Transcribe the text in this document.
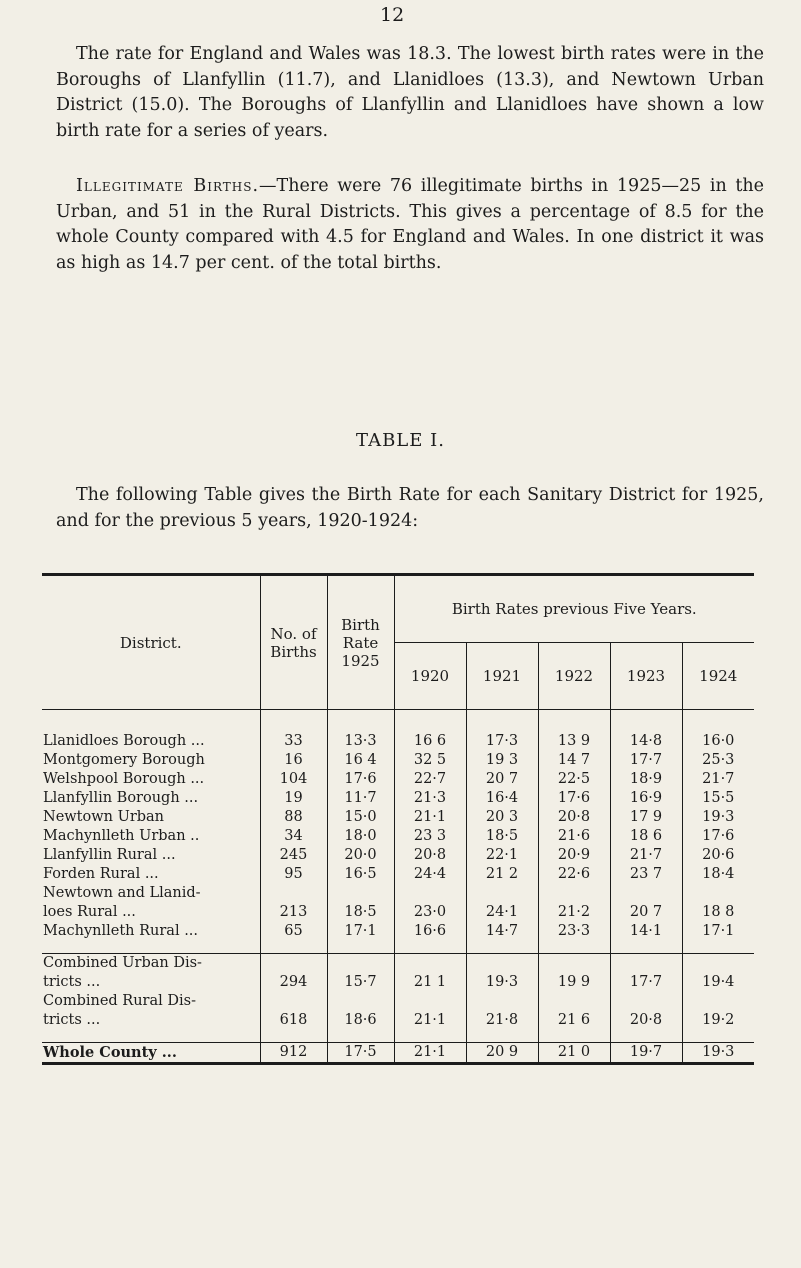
12

The rate for England and Wales was 18.3. The lowest birth rates were in the Boroughs of Llanfyllin (11.7), and Llanidloes (13.3), and Newtown Urban District (15.0). The Boroughs of Llanfyllin and Llanidloes have shown a low birth rate for a series of years.

Illegitimate Births.—There were 76 illegitimate births in 1925—25 in the Urban, and 51 in the Rural Districts. This gives a percentage of 8.5 for the whole County compared with 4.5 for England and Wales. In one district it was as high as 14.7 per cent. of the total births.

TABLE I.

The following Table gives the Birth Rate for each Sanitary District for 1925, and for the previous 5 years, 1920-1924:

District.	No. of Births	Birth Rate 1925	Birth Rates previous Five Years.				
			1920	1921	1922	1923	1924

Llanidloes Borough ...	33	13·3	16 6	17·3	13 9	14·8	16·0
Montgomery Borough	16	16 4	32 5	19 3	14 7	17·7	25·3
Welshpool Borough ...	104	17·6	22·7	20 7	22·5	18·9	21·7
Llanfyllin Borough ...	19	11·7	21·3	16·4	17·6	16·9	15·5
Newtown Urban	88	15·0	21·1	20 3	20·8	17 9	19·3
Machynlleth Urban ..	34	18·0	23 3	18·5	21·6	18 6	17·6
Llanfyllin Rural ...	245	20·0	20·8	22·1	20·9	21·7	20·6
Forden Rural ...	95	16·5	24·4	21 2	22·6	23 7	18·4
Newtown and Llanid-							
loes Rural ...	213	18·5	23·0	24·1	21·2	20 7	18 8
Machynlleth Rural ...	65	17·1	16·6	14·7	23·3	14·1	17·1

Combined Urban Dis-							
tricts ...	294	15·7	21 1	19·3	19 9	17·7	19·4
Combined Rural Dis-							
tricts ...	618	18·6	21·1	21·8	21 6	20·8	19·2

Whole County ...	912	17·5	21·1	20 9	21 0	19·7	19·3
